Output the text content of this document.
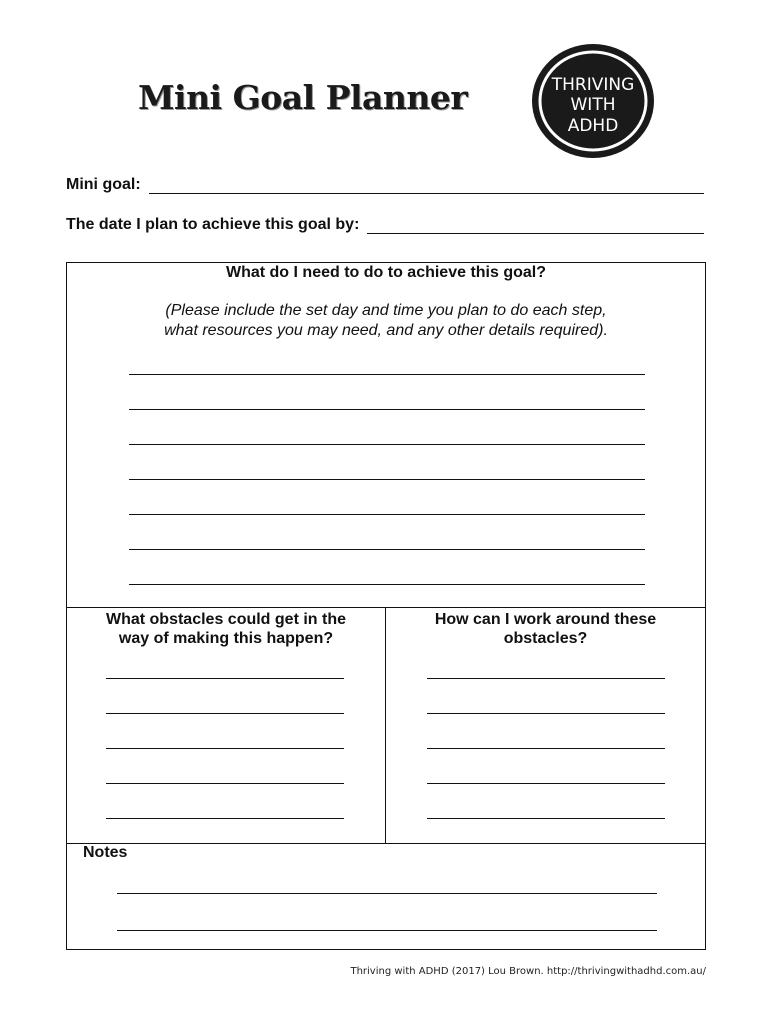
Mini Goal Planner	THRIVING
WITH
ADHD
Mini goal:
The date I plan to achieve this goal by:
What do I need to do to achieve this goal?
(Please include the set day and time you plan to do each step,
what resources you may need, and any other details required).
What obstacles could get in the
way of making this happen?
How can I work around these
obstacles?
Notes
Thriving with ADHD (2017) Lou Brown. http://thrivingwithadhd.com.au/
